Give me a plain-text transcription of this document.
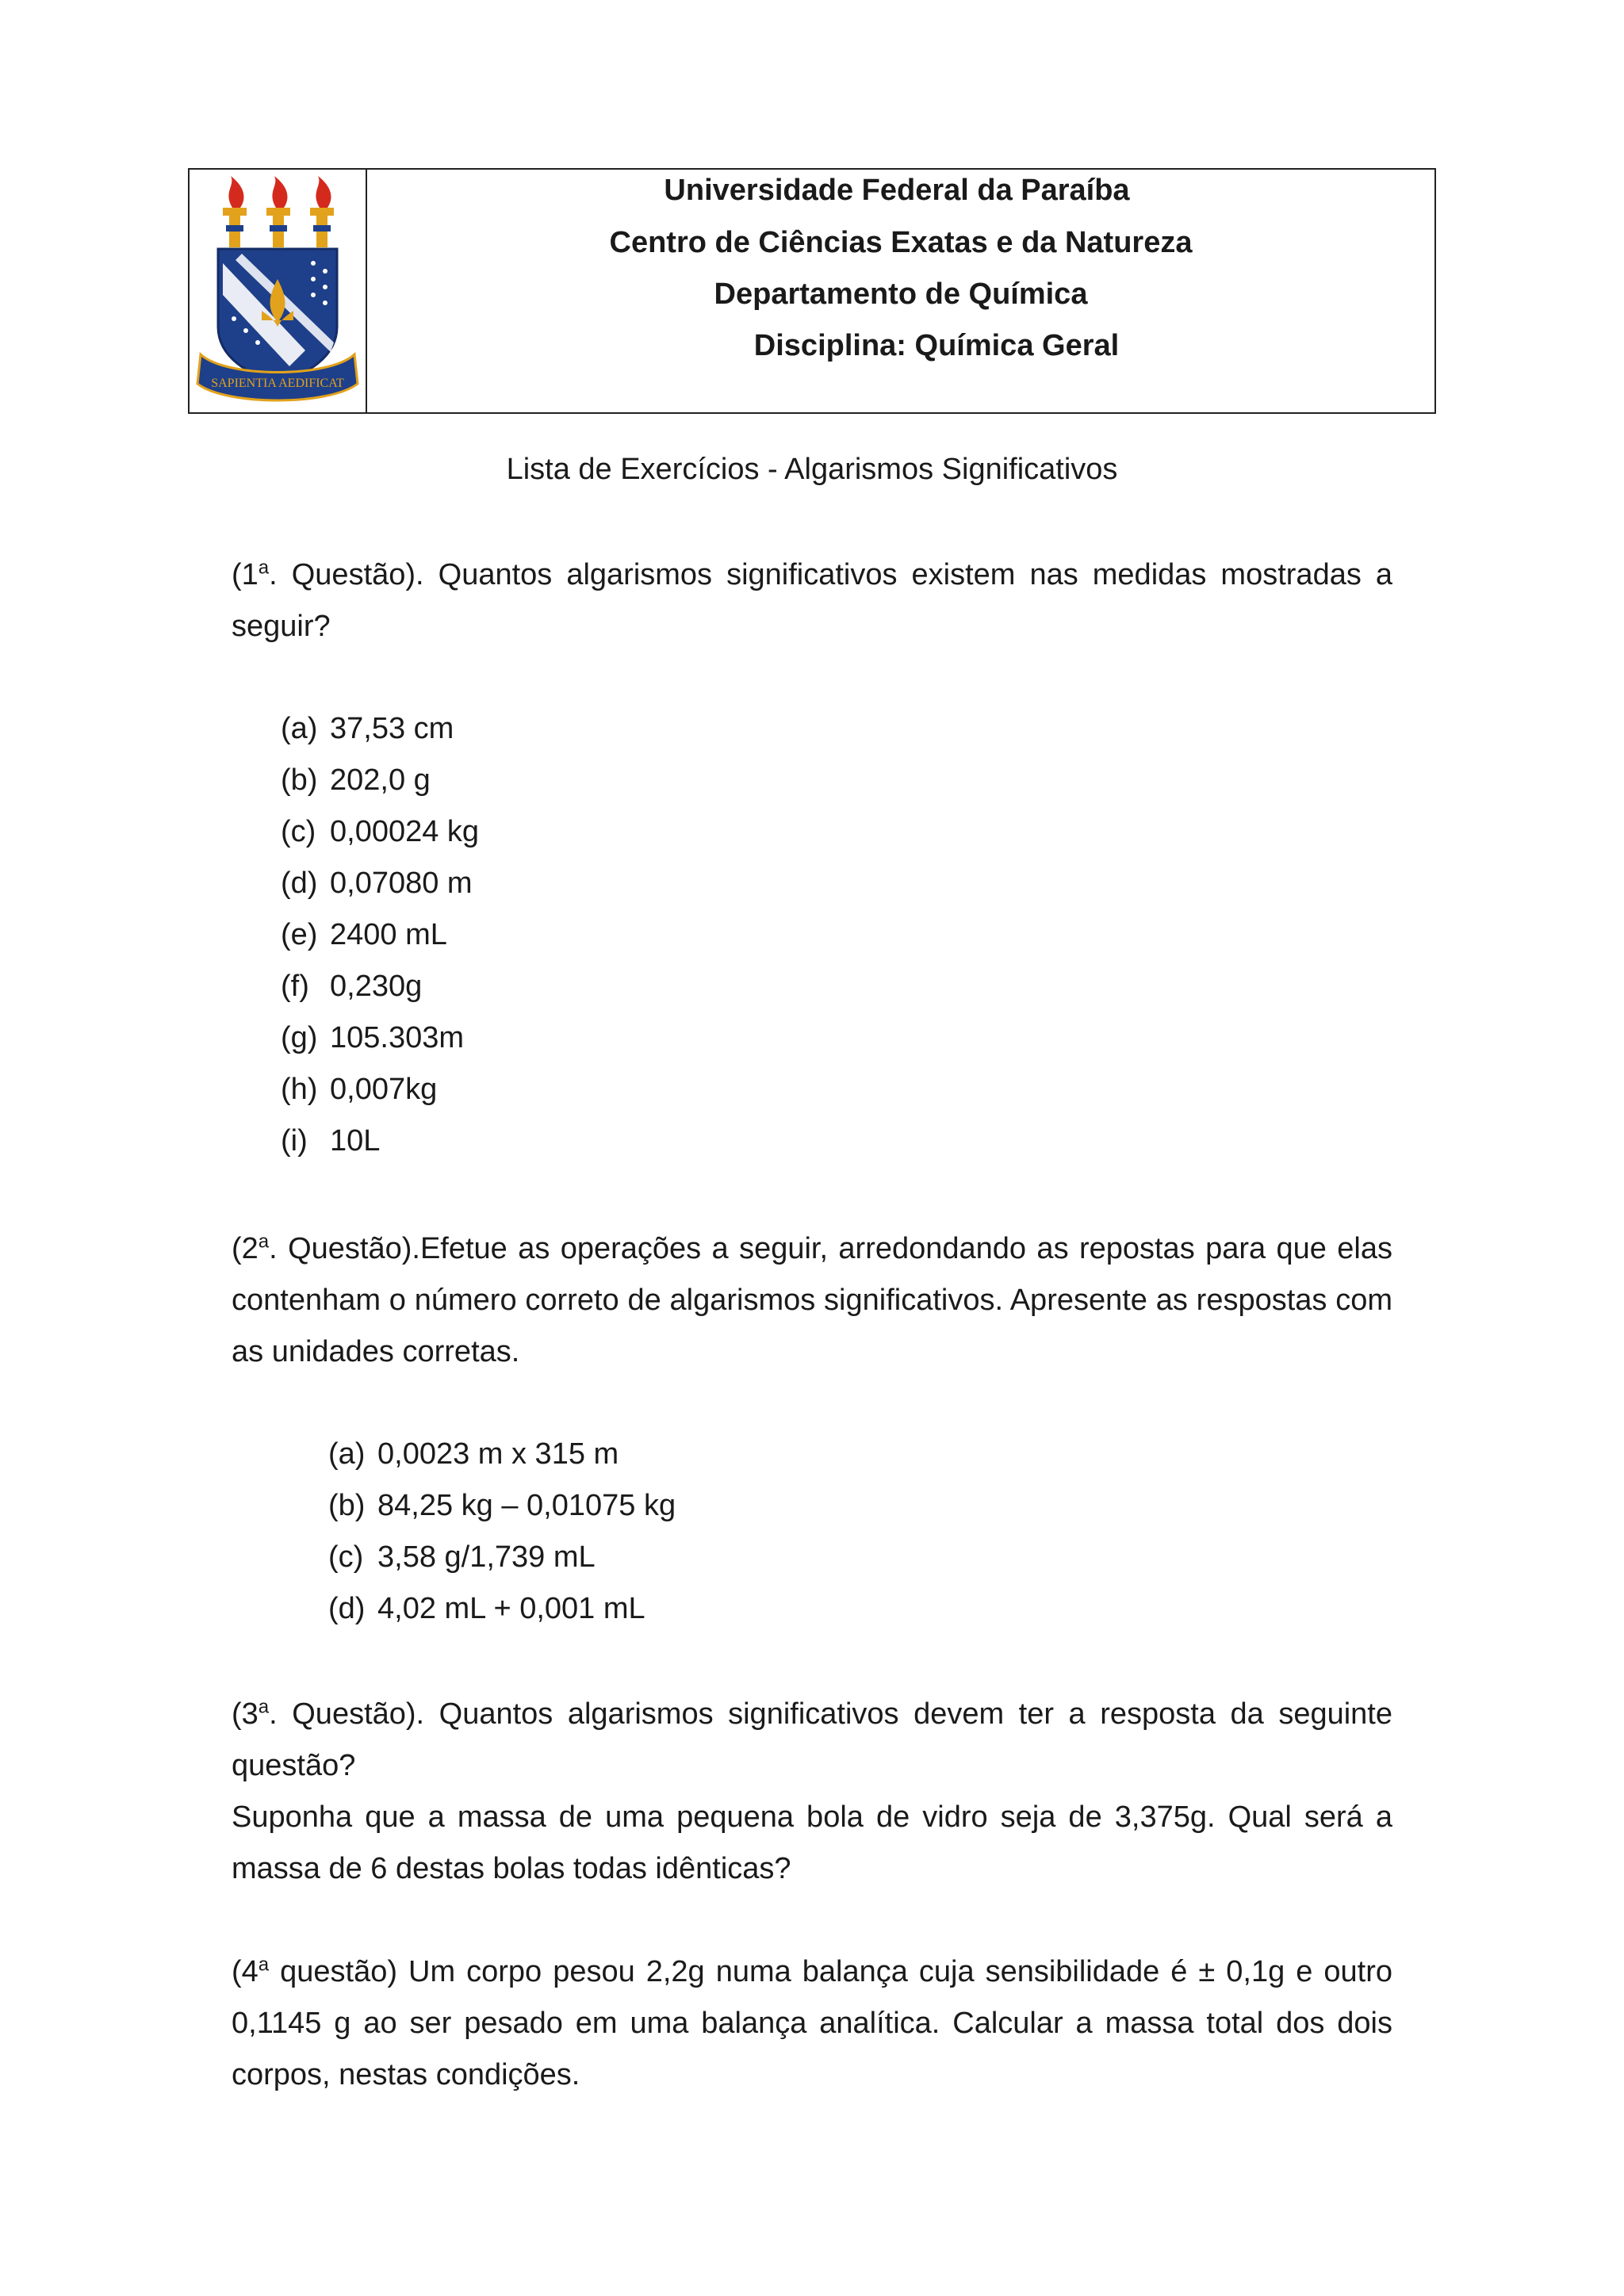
SAPIENTIA AEDIFICAT
Universidade Federal da Paraíba
Centro de Ciências Exatas e da Natureza
Departamento de Química
Disciplina: Química Geral
Lista de Exercícios - Algarismos Significativos
(1$^a$. Questão). Quantos algarismos significativos existem nas medidas mostradas a seguir?
(a) 37,53 cm
(b) 202,0 g
(c) 0,00024 kg
(d) 0,07080 m
(e) 2400 mL
(f) 0,230g
(g) 105.303m
(h) 0,007kg
(i) 10L
(2$^a$. Questão).Efetue as operações a seguir, arredondando as repostas para que elas contenham o número correto de algarismos significativos. Apresente as respostas com as unidades corretas.
(a) 0,0023 m x 315 m
(b) 84,25 kg – 0,01075 kg
(c) 3,58 g/1,739 mL
(d) 4,02 mL + 0,001 mL
(3$^a$. Questão). Quantos algarismos significativos devem ter a resposta da seguinte questão?
Suponha que a massa de uma pequena bola de vidro seja de 3,375g. Qual será a massa de 6 destas bolas todas idênticas?
(4$^a$ questão) Um corpo pesou 2,2g numa balança cuja sensibilidade é ± 0,1g e outro 0,1145 g ao ser pesado em uma balança analítica. Calcular a massa total dos dois corpos, nestas condições.
